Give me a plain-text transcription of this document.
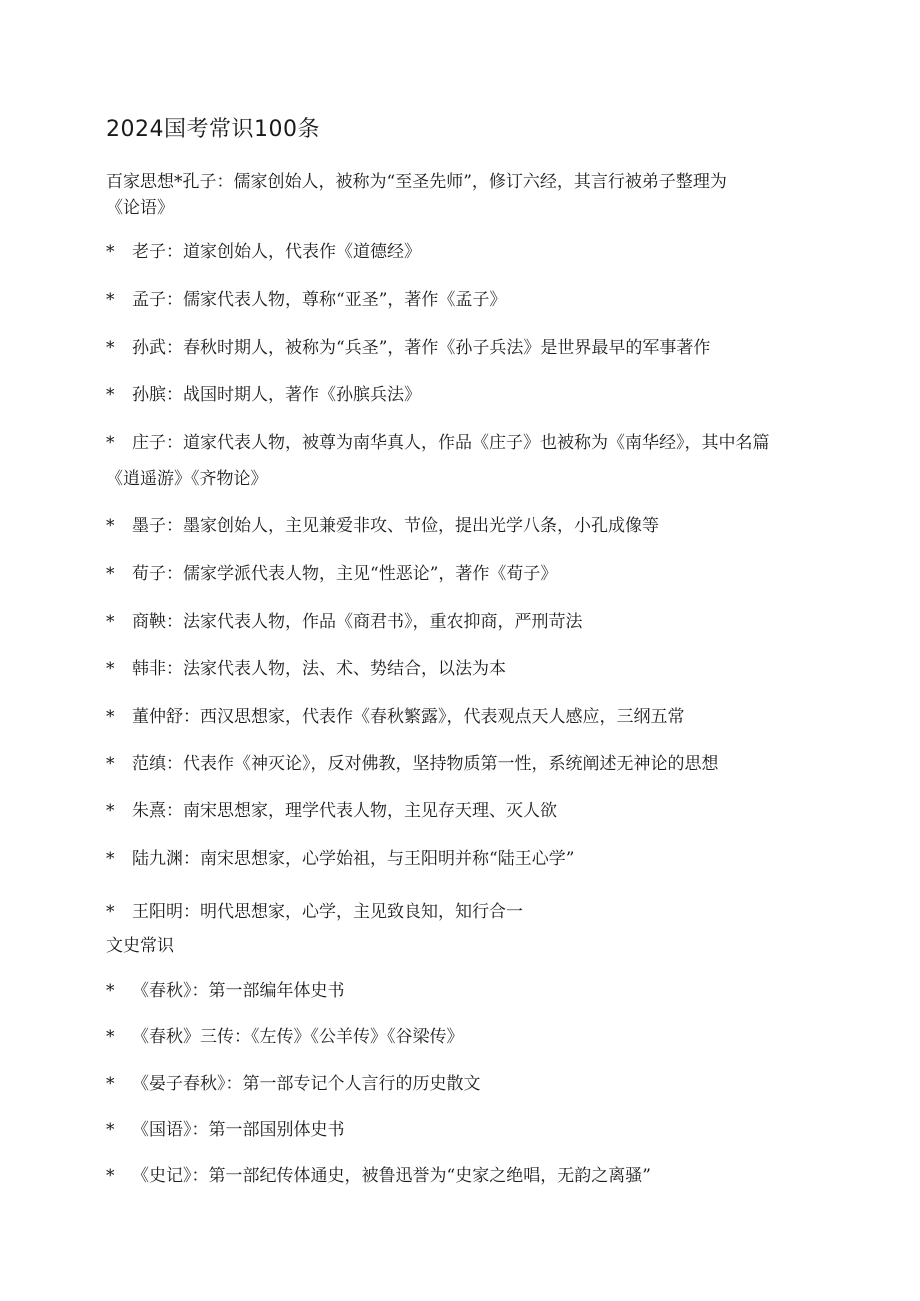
2024国考常识100条
百家思想*孔子：儒家创始人，被称为“至圣先师”，修订六经，其言行被弟子整理为
《论语》
* 老子：道家创始人，代表作《道德经》
* 孟子：儒家代表人物，尊称“亚圣”，著作《孟子》
* 孙武：春秋时期人，被称为“兵圣”，著作《孙子兵法》是世界最早的军事著作
* 孙膑：战国时期人，著作《孙膑兵法》
* 庄子：道家代表人物，被尊为南华真人，作品《庄子》也被称为《南华经》，其中名篇
《逍遥游》《齐物论》
* 墨子：墨家创始人，主见兼爱非攻、节俭，提出光学八条，小孔成像等
* 荀子：儒家学派代表人物，主见“性恶论”，著作《荀子》
* 商鞅：法家代表人物，作品《商君书》，重农抑商，严刑苛法
* 韩非：法家代表人物，法、术、势结合，以法为本
* 董仲舒：西汉思想家，代表作《春秋繁露》，代表观点天人感应，三纲五常
* 范缜：代表作《神灭论》，反对佛教，坚持物质第一性，系统阐述无神论的思想
* 朱熹：南宋思想家，理学代表人物，主见存天理、灭人欲
* 陆九渊：南宋思想家，心学始祖，与王阳明并称“陆王心学”
* 王阳明：明代思想家，心学，主见致良知，知行合一
文史常识
* 《春秋》：第一部编年体史书
* 《春秋》三传：《左传》《公羊传》《谷梁传》
* 《晏子春秋》：第一部专记个人言行的历史散文
* 《国语》：第一部国别体史书
* 《史记》：第一部纪传体通史，被鲁迅誉为“史家之绝唱，无韵之离骚”
